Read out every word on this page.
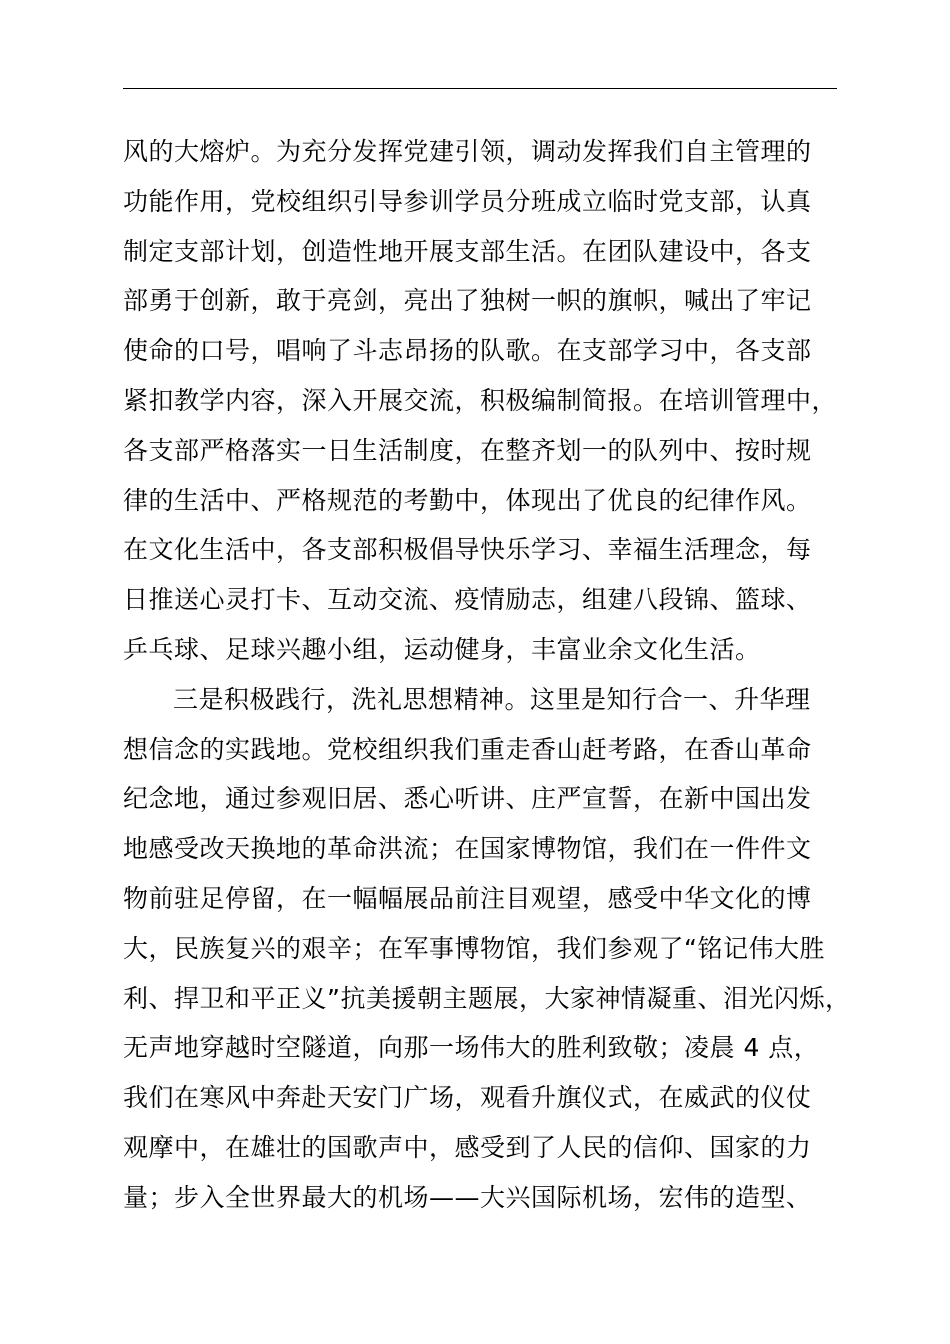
风的大熔炉。为充分发挥党建引领，调动发挥我们自主管理的
功能作用，党校组织引导参训学员分班成立临时党支部，认真
制定支部计划，创造性地开展支部生活。在团队建设中，各支
部勇于创新，敢于亮剑，亮出了独树一帜的旗帜，喊出了牢记
使命的口号，唱响了斗志昂扬的队歌。在支部学习中，各支部
紧扣教学内容，深入开展交流，积极编制简报。在培训管理中，
各支部严格落实一日生活制度，在整齐划一的队列中、按时规
律的生活中、严格规范的考勤中，体现出了优良的纪律作风。
在文化生活中，各支部积极倡导快乐学习、幸福生活理念，每
日推送心灵打卡、互动交流、疫情励志，组建八段锦、篮球、
乒乓球、足球兴趣小组，运动健身，丰富业余文化生活。
三是积极践行，洗礼思想精神。这里是知行合一、升华理
想信念的实践地。党校组织我们重走香山赶考路，在香山革命
纪念地，通过参观旧居、悉心听讲、庄严宣誓，在新中国出发
地感受改天换地的革命洪流；在国家博物馆，我们在一件件文
物前驻足停留，在一幅幅展品前注目观望，感受中华文化的博
大，民族复兴的艰辛；在军事博物馆，我们参观了“铭记伟大胜
利、捍卫和平正义”抗美援朝主题展，大家神情凝重、泪光闪烁，
无声地穿越时空隧道，向那一场伟大的胜利致敬；凌晨 4 点，
我们在寒风中奔赴天安门广场，观看升旗仪式，在威武的仪仗
观摩中，在雄壮的国歌声中，感受到了人民的信仰、国家的力
量；步入全世界最大的机场——大兴国际机场，宏伟的造型、
